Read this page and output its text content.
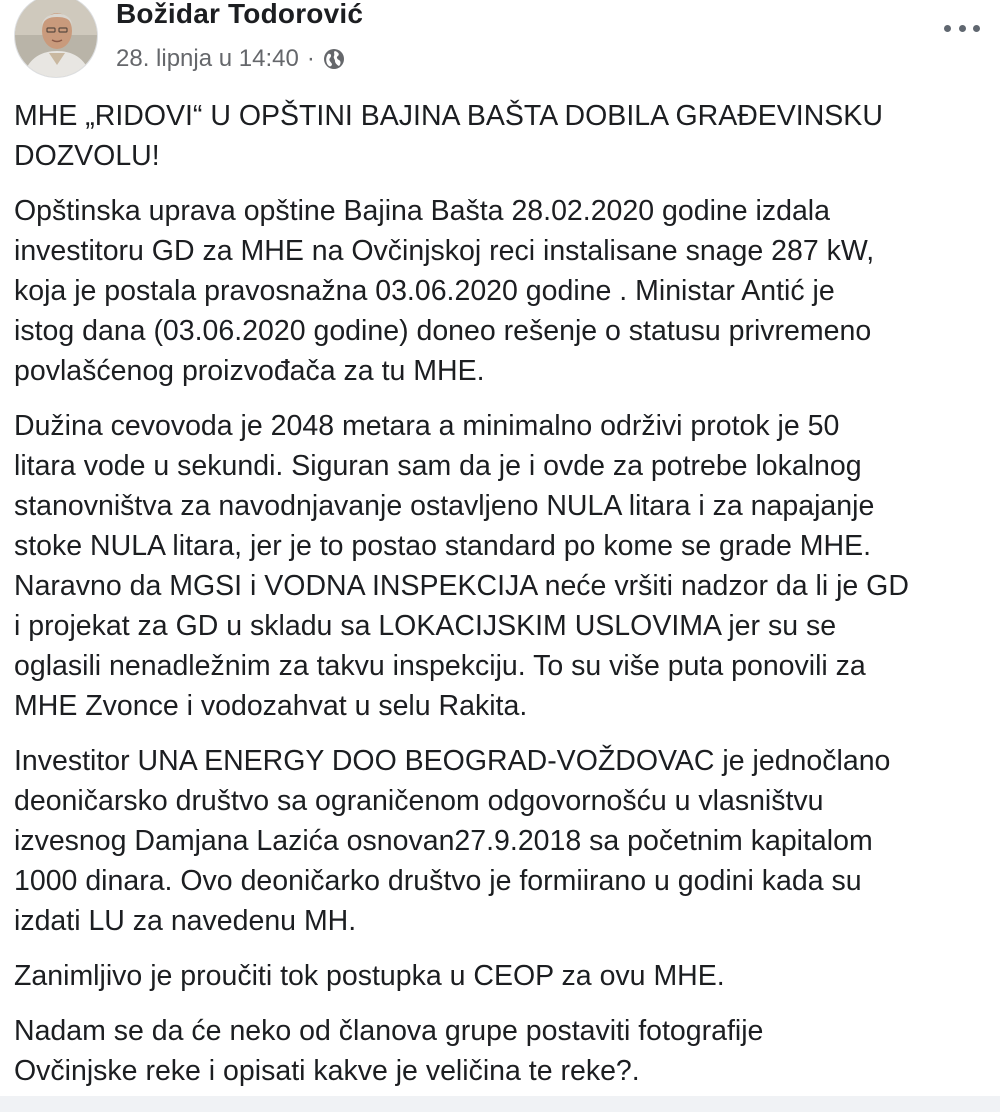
Božidar Todorović
28. lipnja u 14:40 ·

MHE „RIDOVI“ U OPŠTINI BAJINA BAŠTA DOBILA GRAĐEVINSKU
DOZVOLU!

Opštinska uprava opštine Bajina Bašta 28.02.2020 godine izdala
investitoru GD za MHE na Ovčinjskoj reci instalisane snage 287 kW,
koja je postala pravosnažna 03.06.2020 godine . Ministar Antić je
istog dana (03.06.2020 godine) doneo rešenje o statusu privremeno
povlašćenog proizvođača za tu MHE.

Dužina cevovoda je 2048 metara a minimalno održivi protok je 50
litara vode u sekundi. Siguran sam da je i ovde za potrebe lokalnog
stanovništva za navodnjavanje ostavljeno NULA litara i za napajanje
stoke NULA litara, jer je to postao standard po kome se grade MHE.
Naravno da MGSI i VODNA INSPEKCIJA neće vršiti nadzor da li je GD
i projekat za GD u skladu sa LOKACIJSKIM USLOVIMA jer su se
oglasili nenadležnim za takvu inspekciju. To su više puta ponovili za
MHE Zvonce i vodozahvat u selu Rakita.

Investitor UNA ENERGY DOO BEOGRAD-VOŽDOVAC je jednočlano
deoničarsko društvo sa ograničenom odgovornošću u vlasništvu
izvesnog Damjana Lazića osnovan27.9.2018 sa početnim kapitalom
1000 dinara. Ovo deoničarko društvo je formiirano u godini kada su
izdati LU za navedenu MH.

Zanimljivo je proučiti tok postupka u CEOP za ovu MHE.

Nadam se da će neko od članova grupe postaviti fotografije
Ovčinjske reke i opisati kakve je veličina te reke?.
